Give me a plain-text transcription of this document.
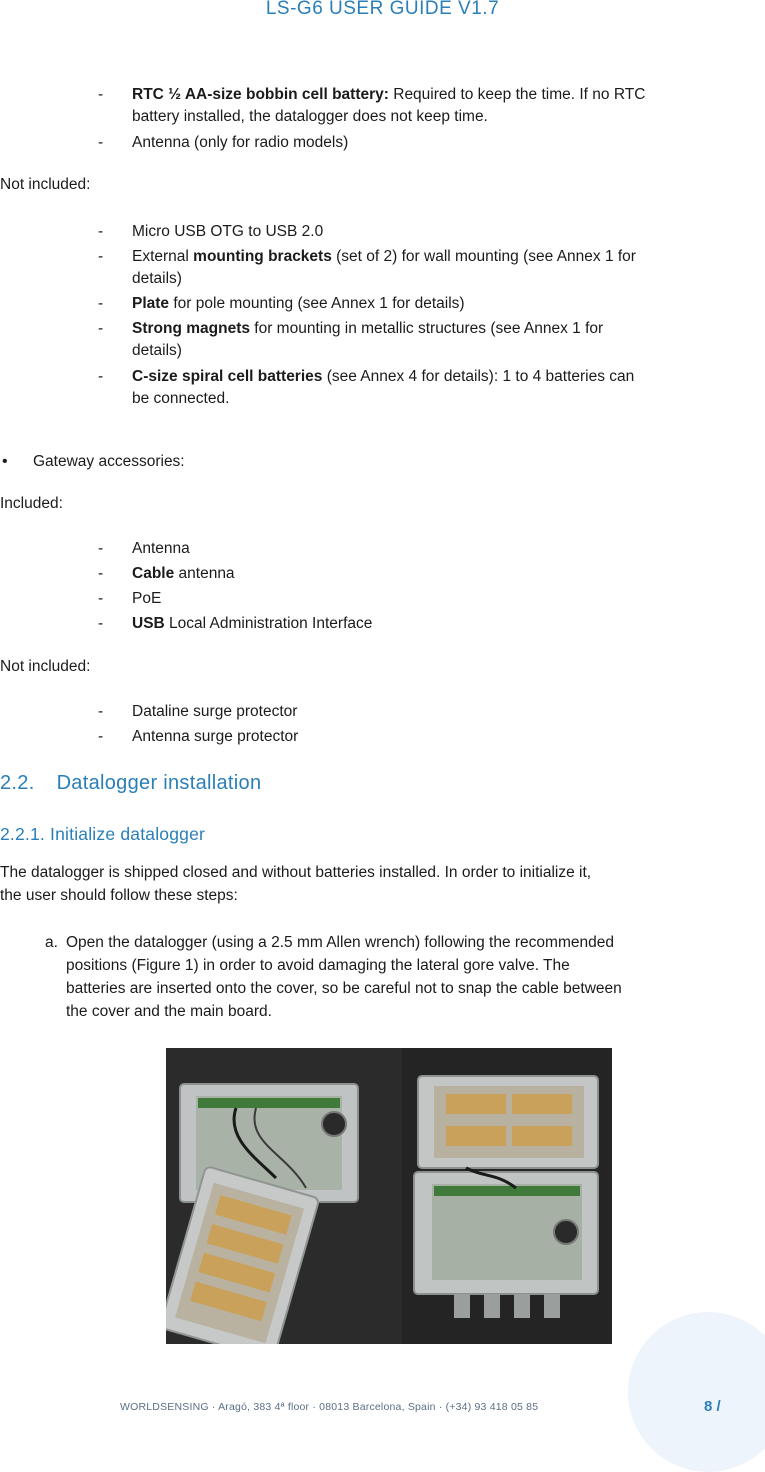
LS-G6 USER GUIDE V1.7
-
RTC ½ AA-size bobbin cell battery: Required to keep the time. If no RTC
battery installed, the datalogger does not keep time.
-
Antenna (only for radio models)
Not included:
-
Micro USB OTG to USB 2.0
-
External mounting brackets (set of 2) for wall mounting (see Annex 1 for
details)
-
Plate for pole mounting (see Annex 1 for details)
-
Strong magnets for mounting in metallic structures (see Annex 1 for
details)
-
C-size spiral cell batteries (see Annex 4 for details): 1 to 4 batteries can
be connected.
•
Gateway accessories:
Included:
-
Antenna
-
Cable antenna
-
PoE
-
USB Local Administration Interface
Not included:
-
Dataline surge protector
-
Antenna surge protector
2.2. Datalogger installation
2.2.1. Initialize datalogger
The datalogger is shipped closed and without batteries installed. In order to initialize it,
the user should follow these steps:
a. Open the datalogger (using a 2.5 mm Allen wrench) following the recommended
positions (Figure 1) in order to avoid damaging the lateral gore valve. The
batteries are inserted onto the cover, so be careful not to snap the cable between
the cover and the main board.
WORLDSENSING · Aragó, 383 4ª floor · 08013 Barcelona, Spain · (+34) 93 418 05 85	8 /
